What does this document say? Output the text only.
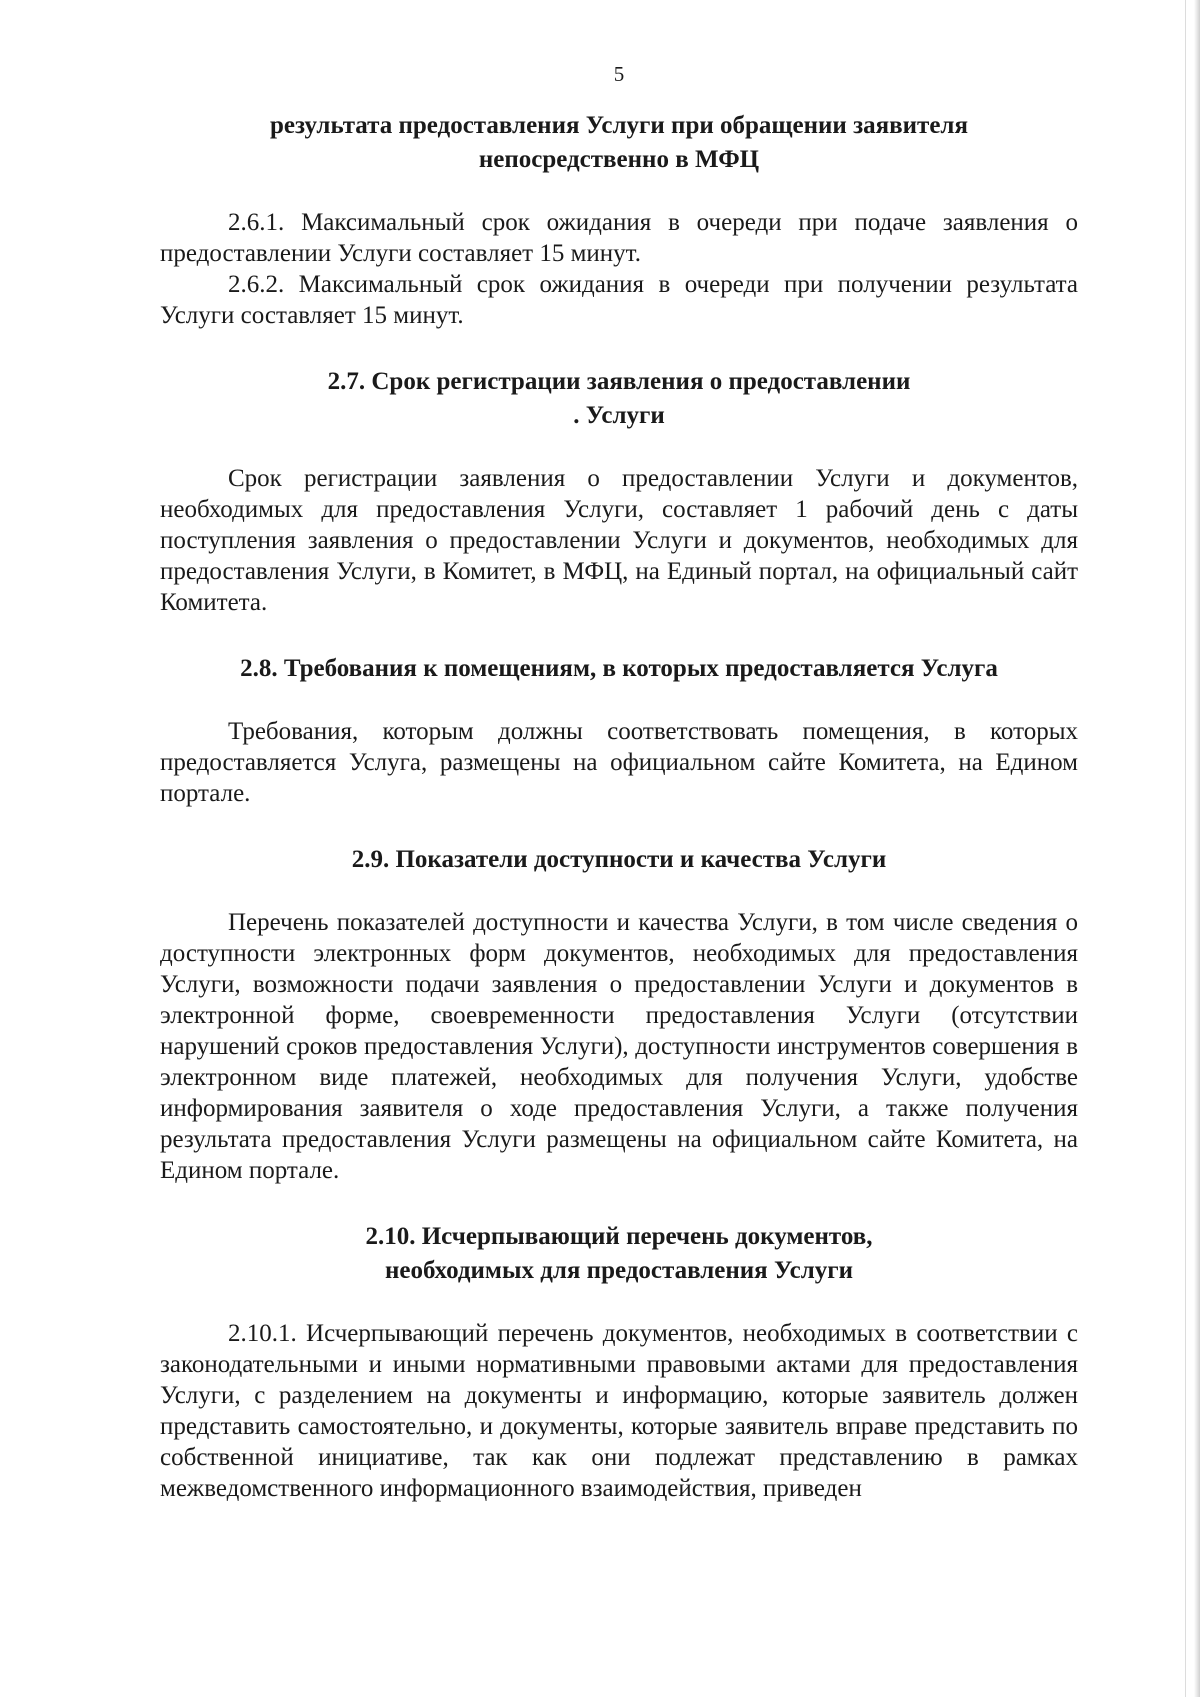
5
результата предоставления Услуги при обращении заявителя
непосредственно в МФЦ

2.6.1. Максимальный срок ожидания в очереди при подаче заявления о предоставлении Услуги составляет 15 минут.

2.6.2. Максимальный срок ожидания в очереди при получении результата Услуги составляет 15 минут.

2.7. Срок регистрации заявления о предоставлении
. Услуги

Срок регистрации заявления о предоставлении Услуги и документов, необходимых для предоставления Услуги, составляет 1 рабочий день с даты поступления заявления о предоставлении Услуги и документов, необходимых для предоставления Услуги, в Комитет, в МФЦ, на Единый портал, на официальный сайт Комитета.

2.8. Требования к помещениям, в которых предоставляется Услуга

Требования, которым должны соответствовать помещения, в которых предоставляется Услуга, размещены на официальном сайте Комитета, на Едином портале.

2.9. Показатели доступности и качества Услуги

Перечень показателей доступности и качества Услуги, в том числе сведения о доступности электронных форм документов, необходимых для предоставления Услуги, возможности подачи заявления о предоставлении Услуги и документов в электронной форме, своевременности предоставления Услуги (отсутствии нарушений сроков предоставления Услуги), доступности инструментов совершения в электронном виде платежей, необходимых для получения Услуги, удобстве информирования заявителя о ходе предоставления Услуги, а также получения результата предоставления Услуги размещены на официальном сайте Комитета, на Едином портале.

2.10. Исчерпывающий перечень документов,
необходимых для предоставления Услуги

2.10.1. Исчерпывающий перечень документов, необходимых в соответствии с законодательными и иными нормативными правовыми актами для предоставления Услуги, с разделением на документы и информацию, которые заявитель должен представить самостоятельно, и документы, которые заявитель вправе представить по собственной инициативе, так как они подлежат представлению в рамках межведомственного информационного взаимодействия, приведен
